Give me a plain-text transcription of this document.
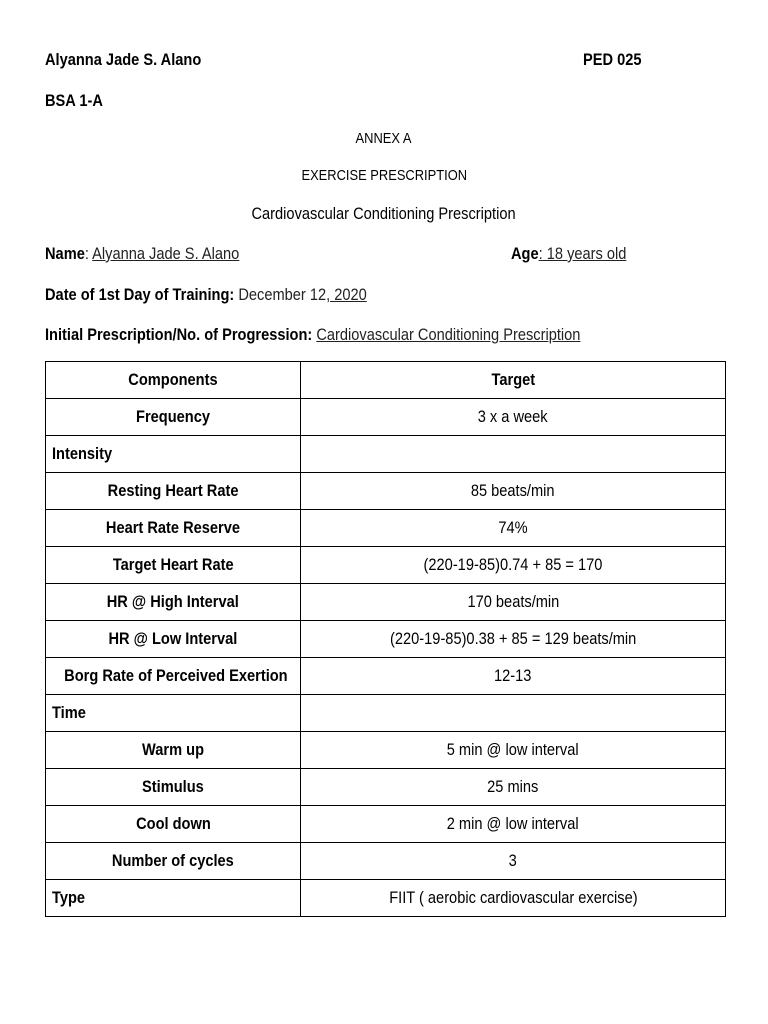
Alyanna Jade S. Alano	PED 025
BSA 1-A
ANNEX A
EXERCISE PRESCRIPTION
Cardiovascular Conditioning Prescription
Name: Alyanna Jade S. Alano	Age: 18 years old
Date of 1st Day of Training: December 12, 2020
Initial Prescription/No. of Progression: Cardiovascular Conditioning Prescription
Components	Target
Frequency	3 x a week
Intensity	
Resting Heart Rate	85 beats/min
Heart Rate Reserve	74%
Target Heart Rate	(220-19-85)0.74 + 85 = 170
HR @ High Interval	170 beats/min
HR @ Low Interval	(220-19-85)0.38 + 85 = 129 beats/min
Borg Rate of Perceived Exertion	12-13
Time	
Warm up	5 min @ low interval
Stimulus	25 mins
Cool down	2 min @ low interval
Number of cycles	3
Type	FIIT ( aerobic cardiovascular exercise)
